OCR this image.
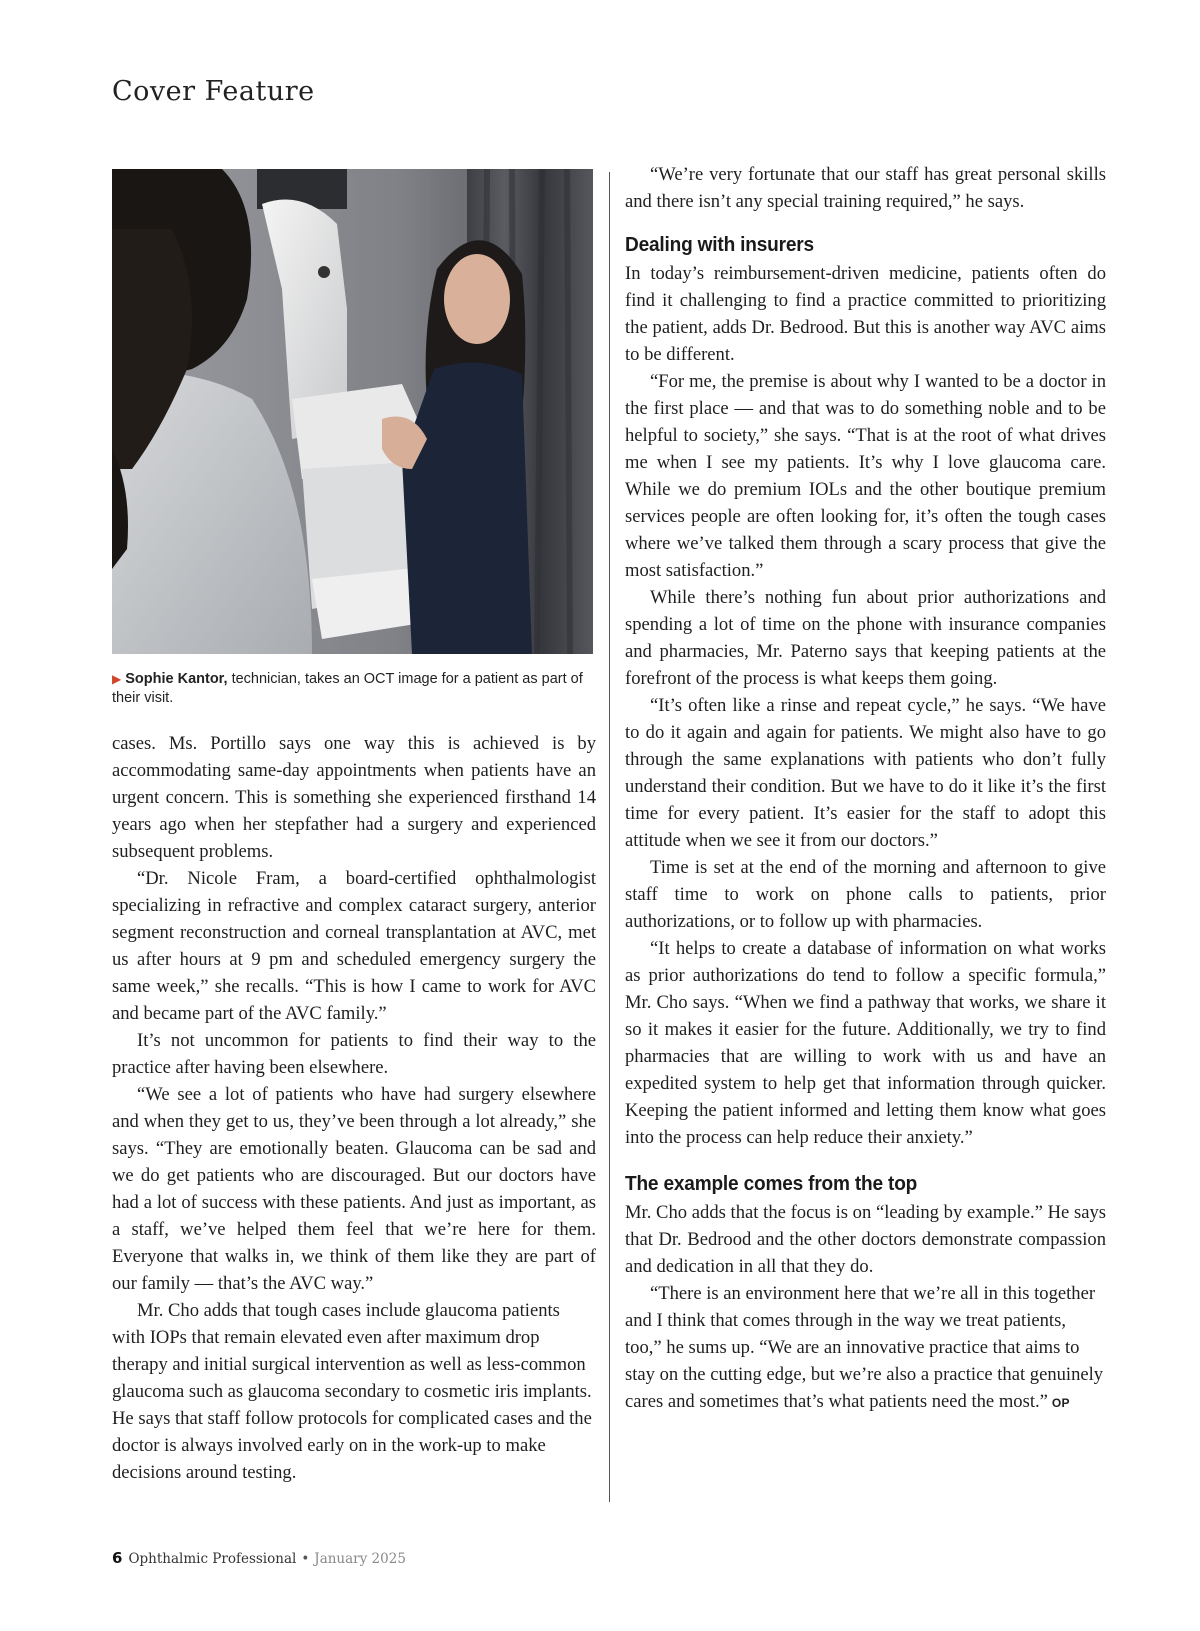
Cover Feature
▶ Sophie Kantor, technician, takes an OCT image for a patient as part of their visit.

cases. Ms. Portillo says one way this is achieved is by accommodating same-day appointments when patients have an urgent concern. This is something she experienced firsthand 14 years ago when her stepfather had a surgery and experienced subsequent problems.

“Dr. Nicole Fram, a board-certified ophthalmologist specializing in refractive and complex cataract surgery, anterior segment reconstruction and corneal transplantation at AVC, met us after hours at 9 pm and scheduled emergency surgery the same week,” she recalls. “This is how I came to work for AVC and became part of the AVC family.”

It’s not uncommon for patients to find their way to the practice after having been elsewhere.

“We see a lot of patients who have had surgery elsewhere and when they get to us, they’ve been through a lot already,” she says. “They are emotionally beaten. Glaucoma can be sad and we do get patients who are discouraged. But our doctors have had a lot of success with these patients. And just as important, as a staff, we’ve helped them feel that we’re here for them. Everyone that walks in, we think of them like they are part of our family — that’s the AVC way.”

Mr. Cho adds that tough cases include glaucoma patients with IOPs that remain elevated even after maximum drop therapy and initial surgical intervention as well as less-common glaucoma such as glaucoma secondary to cosmetic iris implants. He says that staff follow protocols for complicated cases and the doctor is always involved early on in the work-up to make decisions around testing.

“We’re very fortunate that our staff has great personal skills and there isn’t any special training required,” he says.

Dealing with insurers

In today’s reimbursement-driven medicine, patients often do find it challenging to find a practice committed to prioritizing the patient, adds Dr. Bedrood. But this is another way AVC aims to be different.

“For me, the premise is about why I wanted to be a doctor in the first place — and that was to do something noble and to be helpful to society,” she says. “That is at the root of what drives me when I see my patients. It’s why I love glaucoma care. While we do premium IOLs and the other boutique premium services people are often looking for, it’s often the tough cases where we’ve talked them through a scary process that give the most satisfaction.”

While there’s nothing fun about prior authorizations and spending a lot of time on the phone with insurance companies and pharmacies, Mr. Paterno says that keeping patients at the forefront of the process is what keeps them going.

“It’s often like a rinse and repeat cycle,” he says. “We have to do it again and again for patients. We might also have to go through the same explanations with patients who don’t fully understand their condition. But we have to do it like it’s the first time for every patient. It’s easier for the staff to adopt this attitude when we see it from our doctors.”

Time is set at the end of the morning and afternoon to give staff time to work on phone calls to patients, prior authorizations, or to follow up with pharmacies.

“It helps to create a database of information on what works as prior authorizations do tend to follow a specific formula,” Mr. Cho says. “When we find a pathway that works, we share it so it makes it easier for the future. Additionally, we try to find pharmacies that are willing to work with us and have an expedited system to help get that information through quicker. Keeping the patient informed and letting them know what goes into the process can help reduce their anxiety.”

The example comes from the top

Mr. Cho adds that the focus is on “leading by example.” He says that Dr. Bedrood and the other doctors demonstrate compassion and dedication in all that they do.

“There is an environment here that we’re all in this together and I think that comes through in the way we treat patients, too,” he sums up. “We are an innovative practice that aims to stay on the cutting edge, but we’re also a practice that genuinely cares and sometimes that’s what patients need the most.” OP

6 Ophthalmic Professional • January 2025
